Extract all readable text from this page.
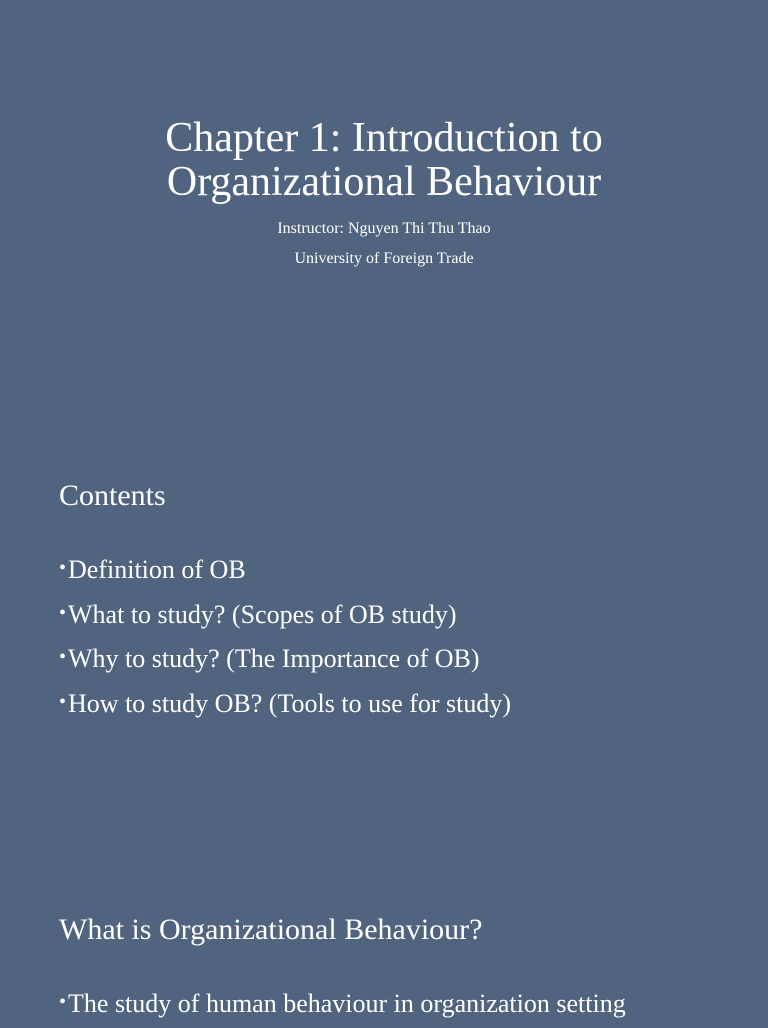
Chapter 1: Introduction to
Organizational Behaviour

Instructor: Nguyen Thi Thu Thao

University of Foreign Trade

Contents
• Definition of OB
• What to study? (Scopes of OB study)
• Why to study? (The Importance of OB)
• How to study OB? (Tools to use for study)
What is Organizational Behaviour?
• The study of human behaviour in organization setting
